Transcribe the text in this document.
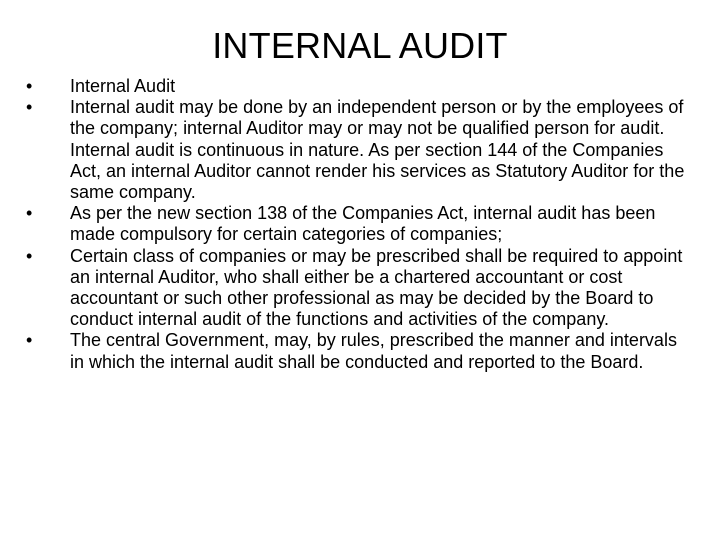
INTERNAL AUDIT
•	Internal Audit
•	Internal audit may be done by an independent person or by the employees of the company; internal Auditor may or may not be qualified person for audit. Internal audit is continuous in nature. As per section 144 of the Companies Act, an internal Auditor cannot render his services as Statutory Auditor for the same company.
•	As per the new section 138 of the Companies Act, internal audit has been made compulsory for certain categories of companies;
•	Certain class of companies or may be prescribed shall be required to appoint an internal Auditor, who shall either be a chartered accountant or cost accountant or such other professional as may be decided by the Board to conduct internal audit of the functions and activities of the company.
•	The central Government, may, by rules, prescribed the manner and intervals in which the internal audit shall be conducted and reported to the Board.
